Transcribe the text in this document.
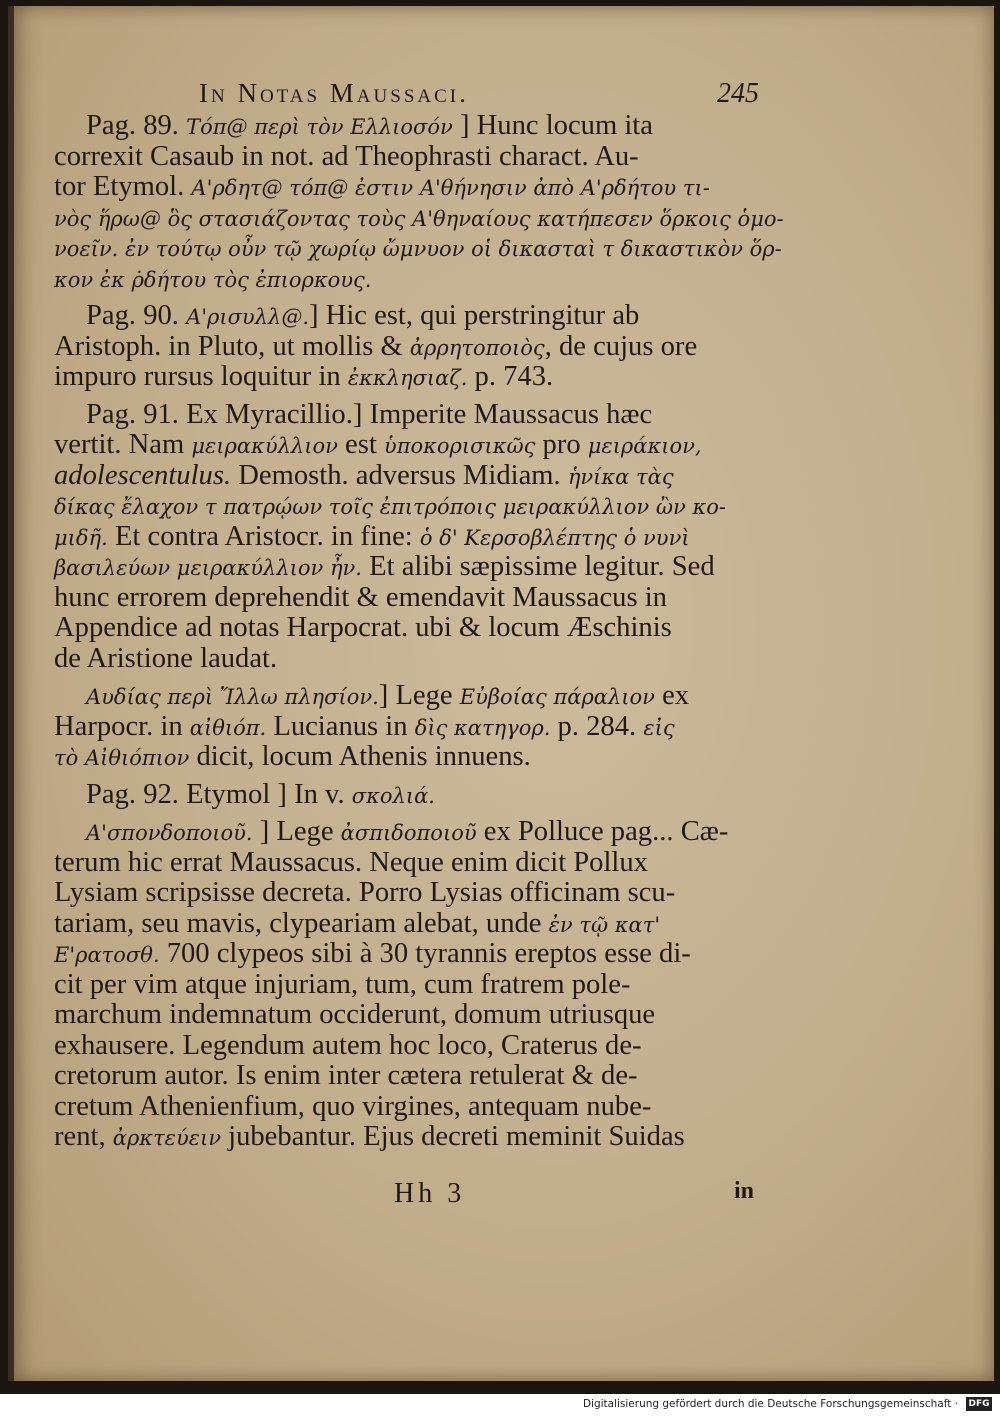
In Notas Maussaci.	245
Pag. 89. Τόπ@ περὶ τὸν Ελλιοσόν ] Hunc locum ita
correxit Casaub in not. ad Theophrasti charact. Au-
tor Etymol. Α'ρδητ@ τόπ@ ἐστιν Α'θήνησιν ἀπὸ Α'ρδήτου τι-
νὸς ἥρω@ ὃς στασιάζοντας τοὺς Α'θηναίους κατήπεσεν ὅρκοις ὁμο-
νοεῖν. ἐν τούτῳ οὖν τῷ χωρίῳ ὤμνυον οἱ δικασταὶ τ δικαστικὸν ὅρ-
κον ἐκ ρ̇δήτου τὸς ἐπιορκους.
Pag. 90. Α'ρισυλλ@.] Hic est, qui perstringitur ab
Aristoph. in Pluto, ut mollis & ἀρρητοποιὸς, de cujus ore
impuro rursus loquitur in ἐκκλησιαζ. p. 743.
Pag. 91. Ex Myracillio.] Imperite Maussacus hæc
vertit. Nam μειρακύλλιον est ὑποκορισικῶς pro μειράκιον,
adolescentulus. Demosth. adversus Midiam. ἡνίκα τὰς
δίκας ἔλαχον τ πατρῴων τοῖς ἐπιτρόποις μειρακύλλιον ὢν κο-
μιδῆ. Et contra Aristocr. in fine: ὁ δ' Κερσοβλέπτης ὁ νυνὶ
βασιλεύων μειρακύλλιον ἦν. Et alibi sæpissime legitur. Sed
hunc errorem deprehendit & emendavit Maussacus in
Appendice ad notas Harpocrat. ubi & locum Æschinis
de Aristione laudat.
Αυδίας περὶ Ἴλλω πλησίον.] Lege Εὐβοίας πάραλιον ex
Harpocr. in αἰθιόπ. Lucianus in δὶς κατηγορ. p. 284. εἰς
τὸ Αἰθιόπιον dicit, locum Athenis innuens.
Pag. 92. Etymol ] In v. σκολιά.
Α'σπονδοποιοῦ. ] Lege ἀσπιδοποιοῦ ex Polluce pag... Cæ-
terum hic errat Maussacus. Neque enim dicit Pollux
Lysiam scripsisse decreta. Porro Lysias officinam scu-
tariam, seu mavis, clypeariam alebat, unde ἐν τῷ κατ'
Ε'ρατοσθ. 700 clypeos sibi à 30 tyrannis ereptos esse di-
cit per vim atque injuriam, tum, cum fratrem pole-
marchum indemnatum occiderunt, domum utriusque
exhausere. Legendum autem hoc loco, Craterus de-
cretorum autor. Is enim inter cætera retulerat & de-
cretum Athenienfium, quo virgines, antequam nube-
rent, ἀρκτεύειν jubebantur. Ejus decreti meminit Suidas
Hh 3	in
Digitalisierung gefördert durch die Deutsche Forschungsgemeinschaft · DFG
